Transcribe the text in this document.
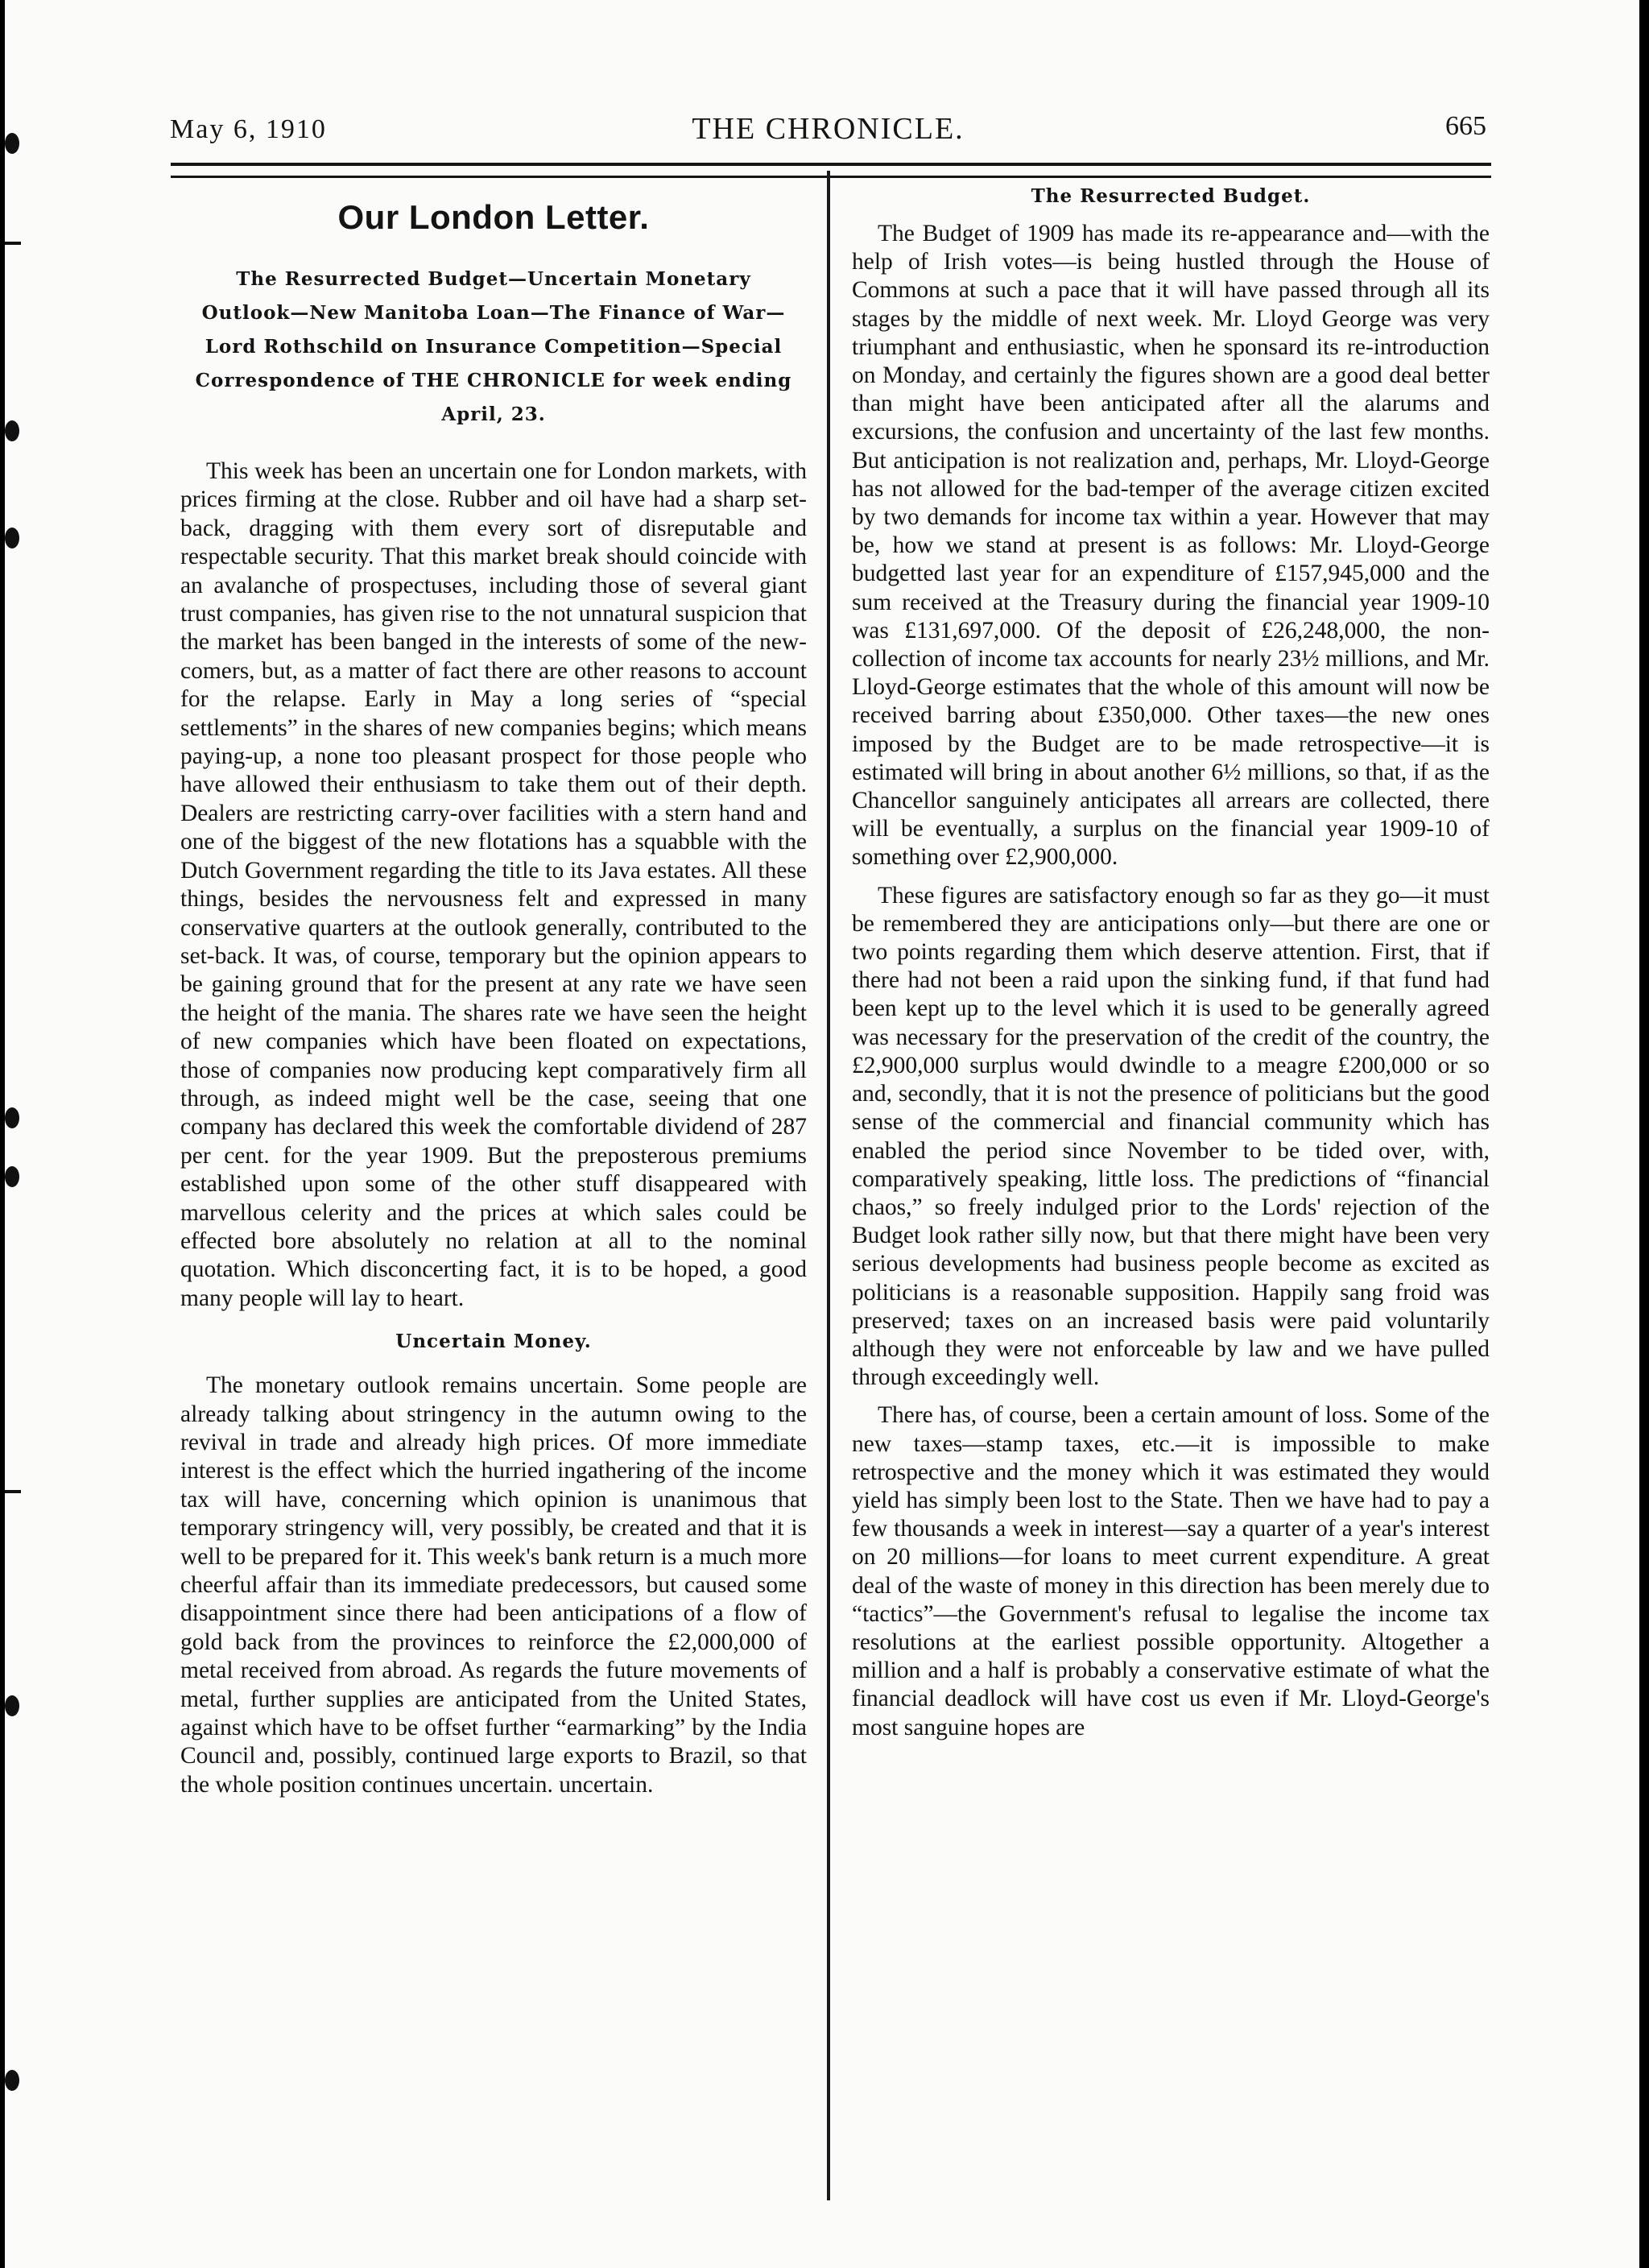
May 6, 1910	THE CHRONICLE.	665
Our London Letter.
The Resurrected Budget—Uncertain Monetary Outlook—New Manitoba Loan—The Finance of War—Lord Rothschild on Insurance Competition—Special Correspondence of THE CHRONICLE for week ending April, 23.

This week has been an uncertain one for London markets, with prices firming at the close. Rubber and oil have had a sharp set-back, dragging with them every sort of disreputable and respectable security. That this market break should coincide with an avalanche of prospectuses, including those of several giant trust companies, has given rise to the not unnatural suspicion that the market has been banged in the interests of some of the new-comers, but, as a matter of fact there are other reasons to account for the relapse. Early in May a long series of “special settlements” in the shares of new companies begins; which means paying-up, a none too pleasant prospect for those people who have allowed their enthusiasm to take them out of their depth. Dealers are restricting carry-over facilities with a stern hand and one of the biggest of the new flotations has a squabble with the Dutch Government regarding the title to its Java estates. All these things, besides the nervousness felt and expressed in many conservative quarters at the outlook generally, contributed to the set-back. It was, of course, temporary but the opinion appears to be gaining ground that for the present at any rate we have seen the height of the mania. The shares rate we have seen the height of new companies which have been floated on expectations, those of companies now producing kept comparatively firm all through, as indeed might well be the case, seeing that one company has declared this week the comfortable dividend of 287 per cent. for the year 1909. But the preposterous premiums established upon some of the other stuff disappeared with marvellous celerity and the prices at which sales could be effected bore absolutely no relation at all to the nominal quotation. Which disconcerting fact, it is to be hoped, a good many people will lay to heart.

Uncertain Money.

The monetary outlook remains uncertain. Some people are already talking about stringency in the autumn owing to the revival in trade and already high prices. Of more immediate interest is the effect which the hurried ingathering of the income tax will have, concerning which opinion is unanimous that temporary stringency will, very possibly, be created and that it is well to be prepared for it. This week's bank return is a much more cheerful affair than its immediate predecessors, but caused some disappointment since there had been anticipations of a flow of gold back from the provinces to reinforce the £2,000,000 of metal received from abroad. As regards the future movements of metal, further supplies are anticipated from the United States, against which have to be offset further “earmarking” by the India Council and, possibly, continued large exports to Brazil, so that the whole position continues uncertain. uncertain.

The Resurrected Budget.

The Budget of 1909 has made its re-appearance and—with the help of Irish votes—is being hustled through the House of Commons at such a pace that it will have passed through all its stages by the middle of next week. Mr. Lloyd George was very triumphant and enthusiastic, when he sponsard its re-introduction on Monday, and certainly the figures shown are a good deal better than might have been anticipated after all the alarums and excursions, the confusion and uncertainty of the last few months. But anticipation is not realization and, perhaps, Mr. Lloyd-George has not allowed for the bad-temper of the average citizen excited by two demands for income tax within a year. However that may be, how we stand at present is as follows: Mr. Lloyd-George budgetted last year for an expenditure of £157,945,000 and the sum received at the Treasury during the financial year 1909-10 was £131,697,000. Of the deposit of £26,248,000, the non-collection of income tax accounts for nearly 23½ millions, and Mr. Lloyd-George estimates that the whole of this amount will now be received barring about £350,000. Other taxes—the new ones imposed by the Budget are to be made retrospective—it is estimated will bring in about another 6½ millions, so that, if as the Chancellor sanguinely anticipates all arrears are collected, there will be eventually, a surplus on the financial year 1909-10 of something over £2,900,000.

These figures are satisfactory enough so far as they go—it must be remembered they are anticipations only—but there are one or two points regarding them which deserve attention. First, that if there had not been a raid upon the sinking fund, if that fund had been kept up to the level which it is used to be generally agreed was necessary for the preservation of the credit of the country, the £2,900,000 surplus would dwindle to a meagre £200,000 or so and, secondly, that it is not the presence of politicians but the good sense of the commercial and financial community which has enabled the period since November to be tided over, with, comparatively speaking, little loss. The predictions of “financial chaos,” so freely indulged prior to the Lords' rejection of the Budget look rather silly now, but that there might have been very serious developments had business people become as excited as politicians is a reasonable supposition. Happily sang froid was preserved; taxes on an increased basis were paid voluntarily although they were not enforceable by law and we have pulled through exceedingly well.

There has, of course, been a certain amount of loss. Some of the new taxes—stamp taxes, etc.—it is impossible to make retrospective and the money which it was estimated they would yield has simply been lost to the State. Then we have had to pay a few thousands a week in interest—say a quarter of a year's interest on 20 millions—for loans to meet current expenditure. A great deal of the waste of money in this direction has been merely due to “tactics”—the Government's refusal to legalise the income tax resolutions at the earliest possible opportunity. Altogether a million and a half is probably a conservative estimate of what the financial deadlock will have cost us even if Mr. Lloyd-George's most sanguine hopes are
